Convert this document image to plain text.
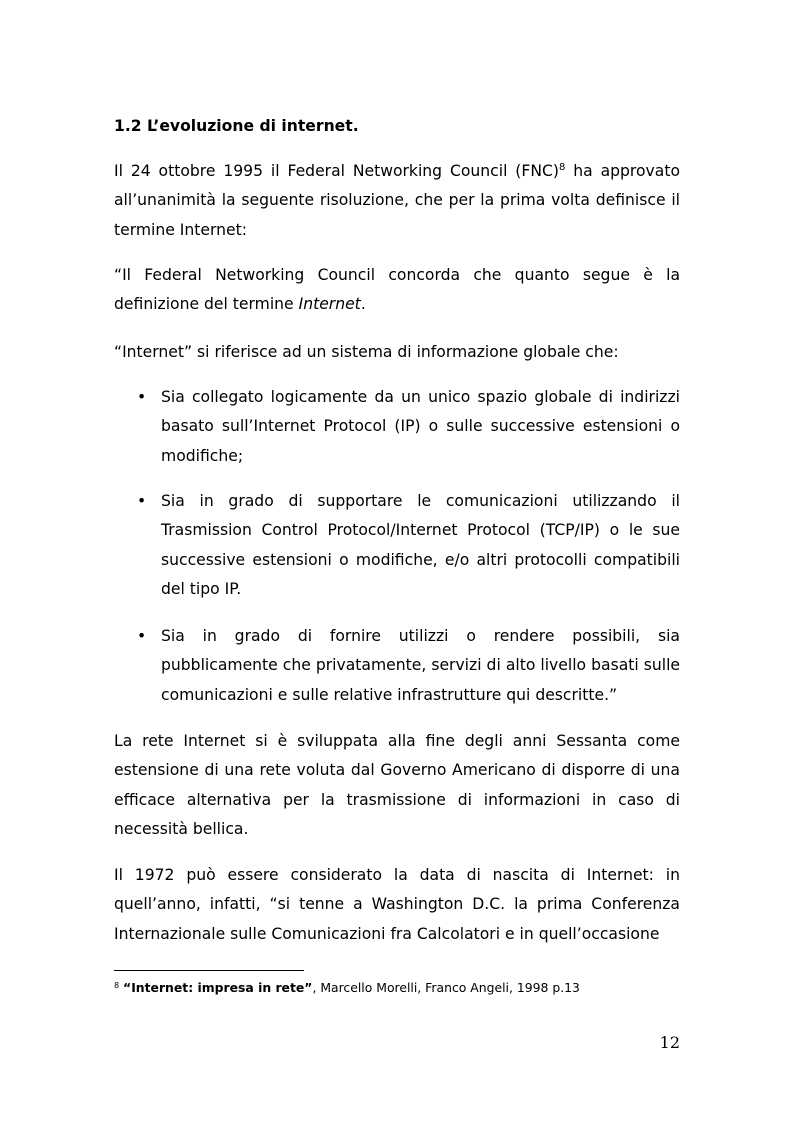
1.2 L’evoluzione di internet.
Il 24 ottobre 1995 il Federal Networking Council (FNC)$^8$ ha approvato all’unanimità la seguente risoluzione, che per la prima volta definisce il termine Internet:
“Il Federal Networking Council concorda che quanto segue è la definizione del termine Internet.
“Internet” si riferisce ad un sistema di informazione globale che:
• Sia collegato logicamente da un unico spazio globale di indirizzi basato sull’Internet Protocol (IP) o sulle successive estensioni o modifiche;
• Sia in grado di supportare le comunicazioni utilizzando il Trasmission Control Protocol/Internet Protocol (TCP/IP) o le sue successive estensioni o modifiche, e/o altri protocolli compatibili del tipo IP.
• Sia in grado di fornire utilizzi o rendere possibili, sia pubblicamente che privatamente, servizi di alto livello basati sulle comunicazioni e sulle relative infrastrutture qui descritte.”
La rete Internet si è sviluppata alla fine degli anni Sessanta come estensione di una rete voluta dal Governo Americano di disporre di una efficace alternativa per la trasmissione di informazioni in caso di necessità bellica.
Il 1972 può essere considerato la data di nascita di Internet: in quell’anno, infatti, “si tenne a Washington D.C. la prima Conferenza Internazionale sulle Comunicazioni fra Calcolatori e in quell’occasione
$^8$ “Internet: impresa in rete”, Marcello Morelli, Franco Angeli, 1998 p.13
12
